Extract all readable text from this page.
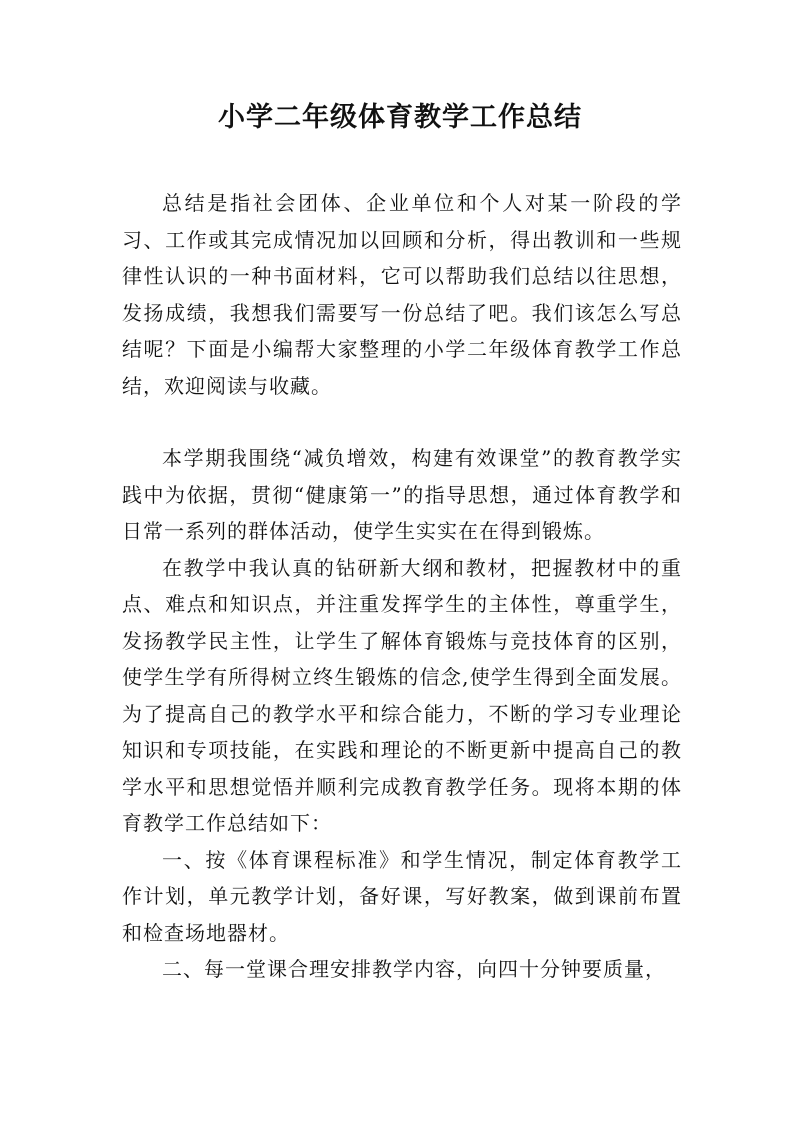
小学二年级体育教学工作总结

总结是指社会团体、企业单位和个人对某一阶段的学习、工作或其完成情况加以回顾和分析，得出教训和一些规律性认识的一种书面材料，它可以帮助我们总结以往思想，发扬成绩，我想我们需要写一份总结了吧。我们该怎么写总结呢？下面是小编帮大家整理的小学二年级体育教学工作总结，欢迎阅读与收藏。

本学期我围绕“减负增效，构建有效课堂”的教育教学实践中为依据，贯彻“健康第一”的指导思想，通过体育教学和日常一系列的群体活动，使学生实实在在得到锻炼。

在教学中我认真的钻研新大纲和教材，把握教材中的重点、难点和知识点，并注重发挥学生的主体性，尊重学生，发扬教学民主性，让学生了解体育锻炼与竞技体育的区别，使学生学有所得树立终生锻炼的信念,使学生得到全面发展。为了提高自己的教学水平和综合能力，不断的学习专业理论知识和专项技能，在实践和理论的不断更新中提高自己的教学水平和思想觉悟并顺利完成教育教学任务。现将本期的体育教学工作总结如下：

一、按《体育课程标准》和学生情况，制定体育教学工作计划，单元教学计划，备好课，写好教案，做到课前布置和检查场地器材。

二、每一堂课合理安排教学内容，向四十分钟要质量，
